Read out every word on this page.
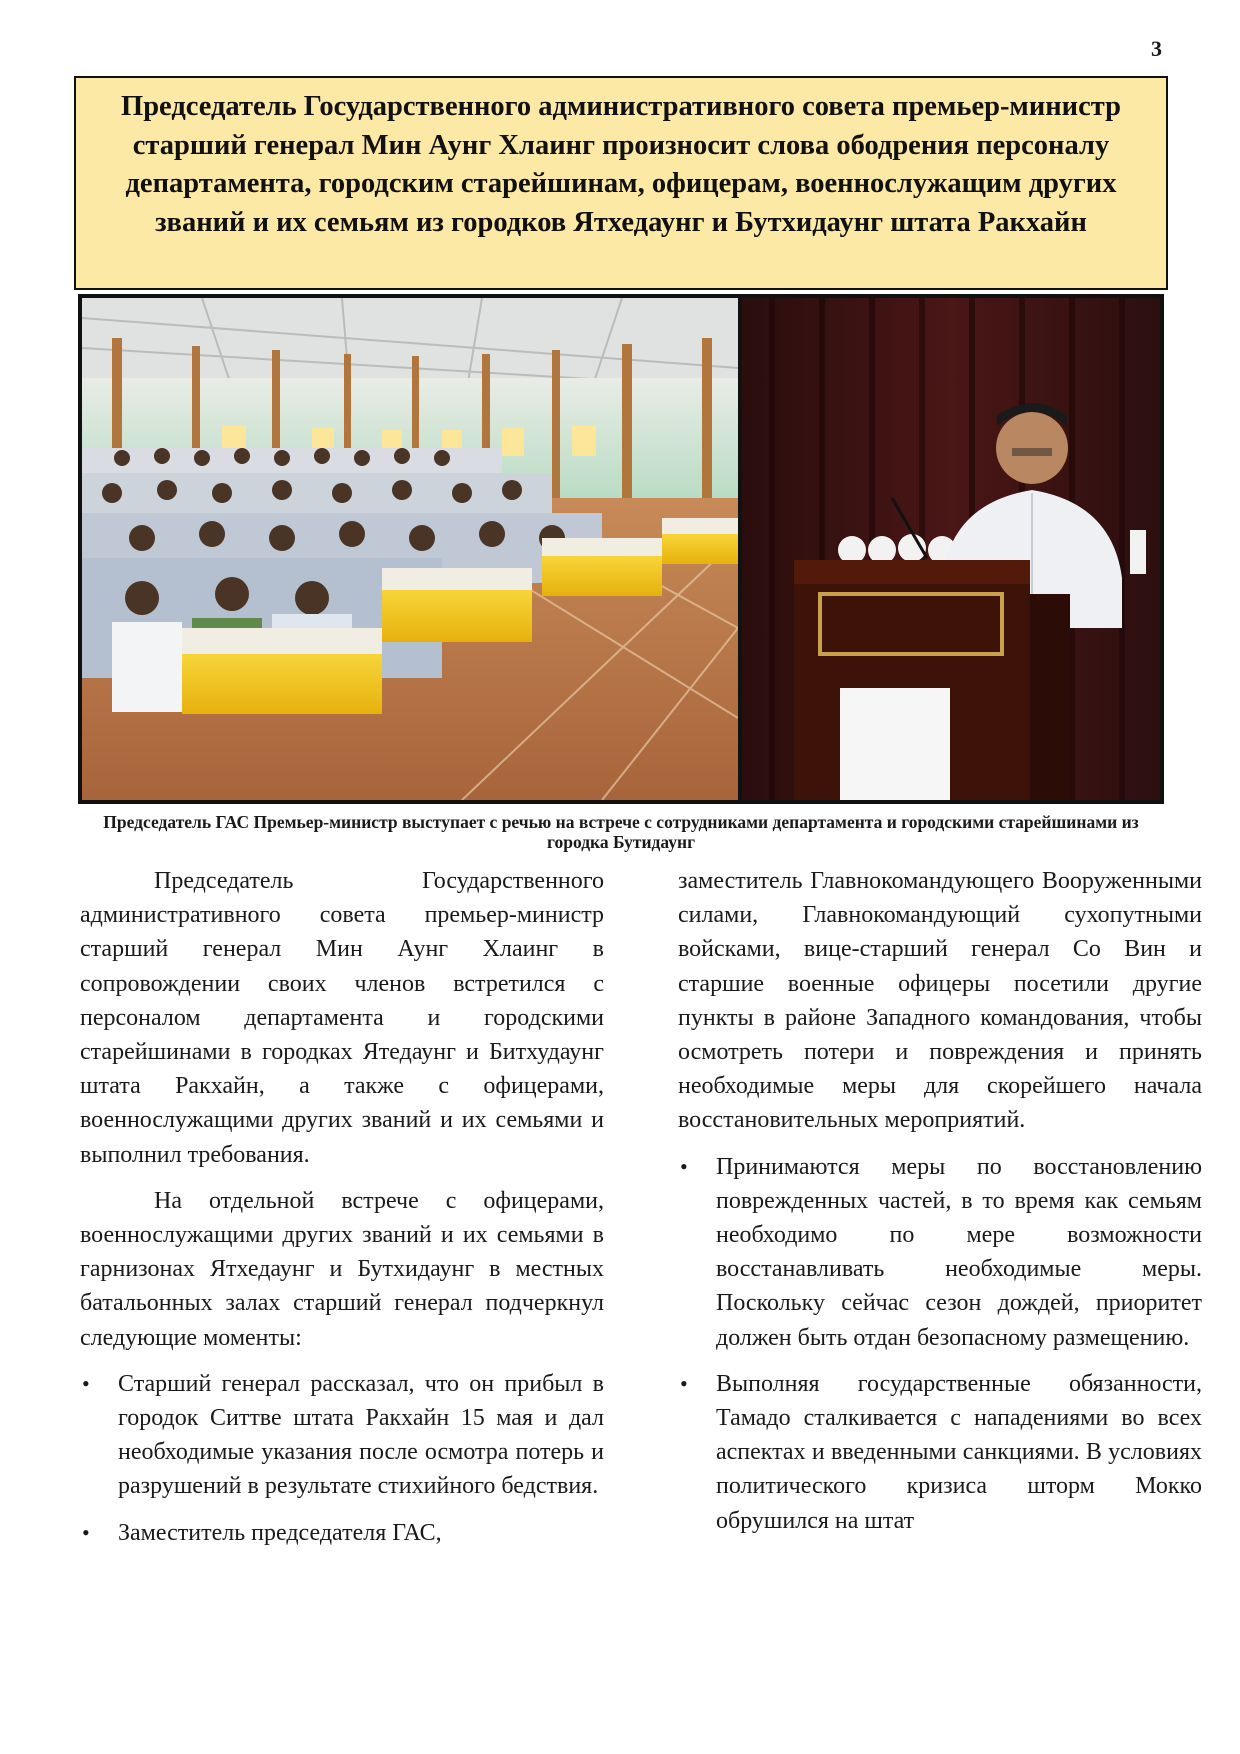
3
Председатель Государственного административного совета премьер-министр старший генерал Мин Аунг Хлаинг произносит слова ободрения персоналу департамента, городским старейшинам, офицерам, военнослужащим других званий и их семьям из городков Ятхедаунг и Бутхидаунг штата Ракхайн
Председатель ГАС Премьер-министр выступает с речью на встрече с сотрудниками департамента и городскими старейшинами из городка Бутидаунг

Председатель Государственного административного совета премьер-министр старший генерал Мин Аунг Хлаинг в сопровождении своих членов встретился с персоналом департамента и городскими старейшинами в городках Ятедаунг и Битхудаунг штата Ракхайн, а также с офицерами, военнослужащими других званий и их семьями и выполнил требования.

На отдельной встрече с офицерами, военнослужащими других званий и их семьями в гарнизонах Ятхедаунг и Бутхидаунг в местных батальонных залах старший генерал подчеркнул следующие моменты:

• Старший генерал рассказал, что он прибыл в городок Ситтве штата Ракхайн 15 мая и дал необходимые указания после осмотра потерь и разрушений в результате стихийного бедствия.
• Заместитель председателя ГАС,

заместитель Главнокомандующего Вооруженными силами, Главнокомандующий сухопутными войсками, вице-старший генерал Со Вин и старшие военные офицеры посетили другие пункты в районе Западного командования, чтобы осмотреть потери и повреждения и принять необходимые меры для скорейшего начала восстановительных мероприятий.

• Принимаются меры по восстановлению поврежденных частей, в то время как семьям необходимо по мере возможности восстанавливать необходимые меры. Поскольку сейчас сезон дождей, приоритет должен быть отдан безопасному размещению.
• Выполняя государственные обязанности, Тамадо сталкивается с нападениями во всех аспектах и введенными санкциями. В условиях политического кризиса шторм Мокко обрушился на штат
